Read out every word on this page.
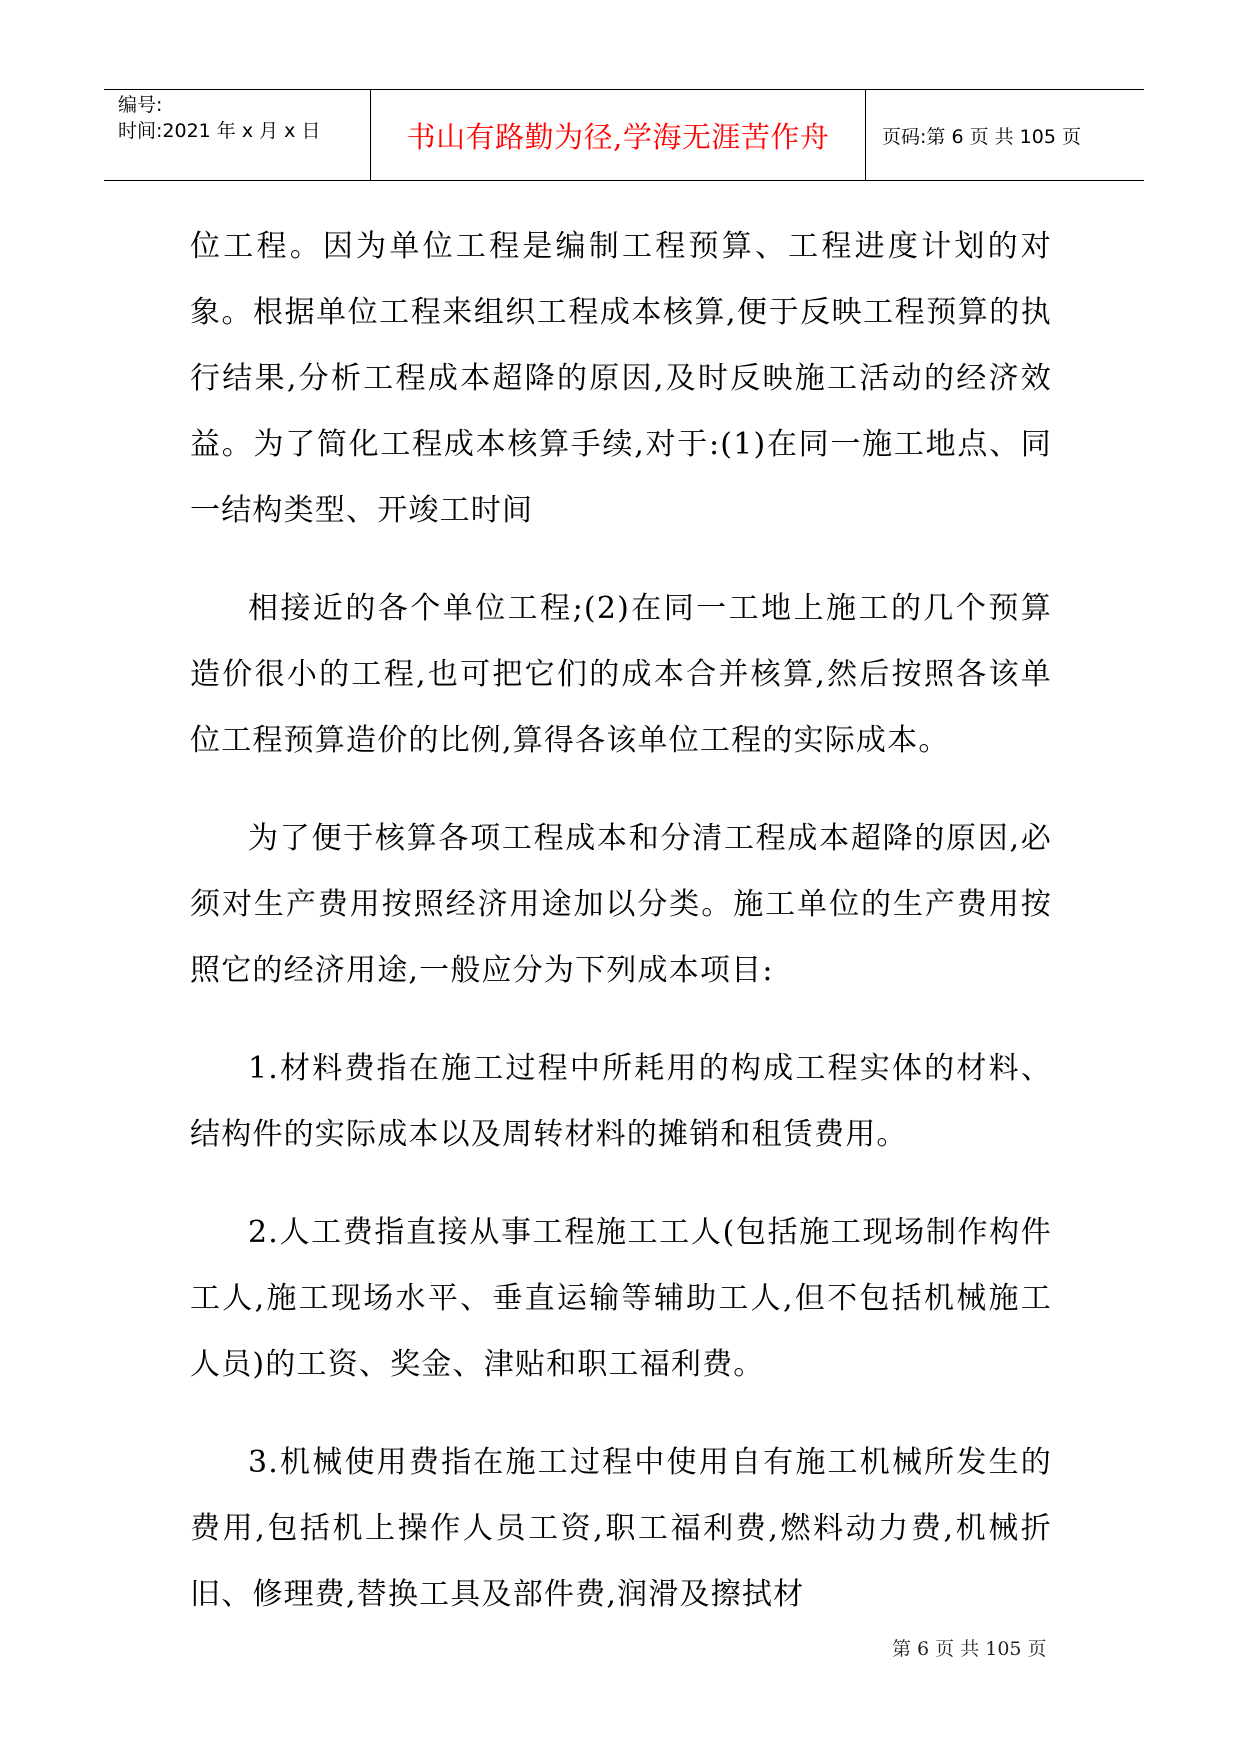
编号:
时间:2021 年 x 月 x 日	书山有路勤为径,学海无涯苦作舟	页码:第 6 页 共 105 页

位工程。因为单位工程是编制工程预算、工程进度计划的对象。根据单位工程来组织工程成本核算,便于反映工程预算的执行结果,分析工程成本超降的原因,及时反映施工活动的经济效益。为了简化工程成本核算手续,对于:(1)在同一施工地点、同一结构类型、开竣工时间

相接近的各个单位工程;(2)在同一工地上施工的几个预算造价很小的工程,也可把它们的成本合并核算,然后按照各该单位工程预算造价的比例,算得各该单位工程的实际成本。

为了便于核算各项工程成本和分清工程成本超降的原因,必须对生产费用按照经济用途加以分类。施工单位的生产费用按照它的经济用途,一般应分为下列成本项目:

1.材料费指在施工过程中所耗用的构成工程实体的材料、结构件的实际成本以及周转材料的摊销和租赁费用。

2.人工费指直接从事工程施工工人(包括施工现场制作构件工人,施工现场水平、垂直运输等辅助工人,但不包括机械施工人员)的工资、奖金、津贴和职工福利费。

3.机械使用费指在施工过程中使用自有施工机械所发生的费用,包括机上操作人员工资,职工福利费,燃料动力费,机械折旧、修理费,替换工具及部件费,润滑及擦拭材

第 6 页 共 105 页
